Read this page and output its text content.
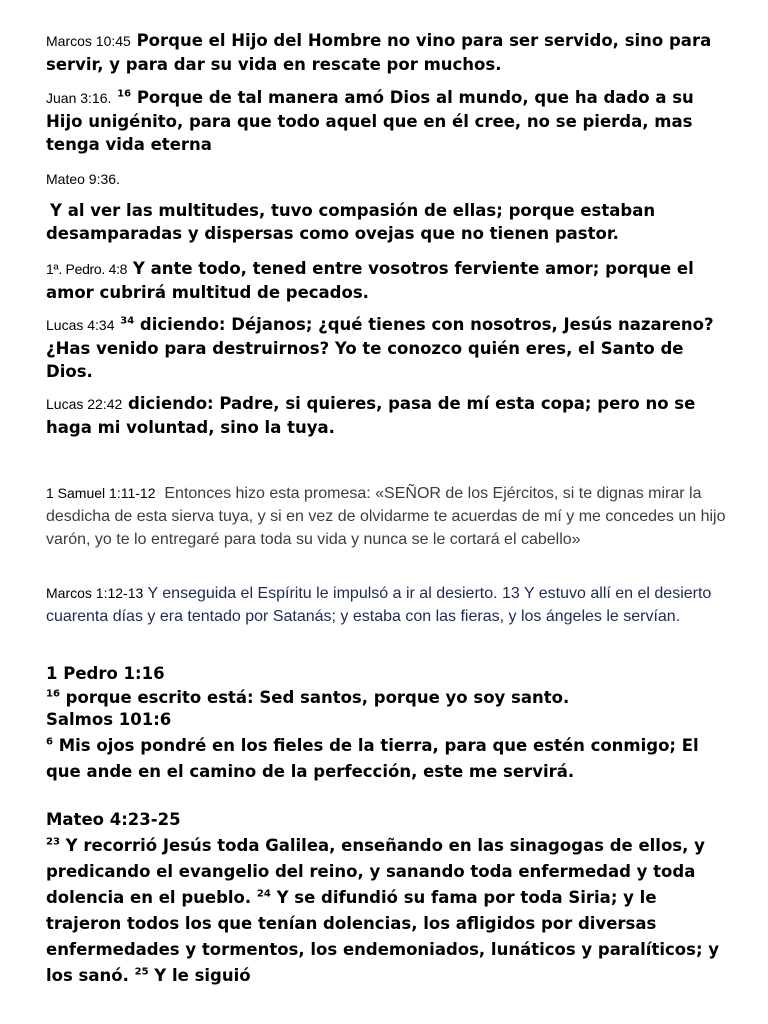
Marcos 10:45 Porque el Hijo del Hombre no vino para ser servido, sino para servir, y para dar su vida en rescate por muchos.

Juan 3:16. $^{16}$ Porque de tal manera amó Dios al mundo, que ha dado a su Hijo unigénito, para que todo aquel que en él cree, no se pierda, mas tenga vida eterna

Mateo 9:36.

Y al ver las multitudes, tuvo compasión de ellas; porque estaban desamparadas y dispersas como ovejas que no tienen pastor.

1ª. Pedro. 4:8 Y ante todo, tened entre vosotros ferviente amor; porque el amor cubrirá multitud de pecados.

Lucas 4:34 $^{34}$ diciendo: Déjanos; ¿qué tienes con nosotros, Jesús nazareno? ¿Has venido para destruirnos? Yo te conozco quién eres, el Santo de Dios.

Lucas 22:42 diciendo: Padre, si quieres, pasa de mí esta copa; pero no se haga mi voluntad, sino la tuya.

1 Samuel 1:11-12 Entonces hizo esta promesa: «SEÑOR de los Ejércitos, si te dignas mirar la desdicha de esta sierva tuya, y si en vez de olvidarme te acuerdas de mí y me concedes un hijo varón, yo te lo entregaré para toda su vida y nunca se le cortará el cabello»

Marcos 1:12-13 Y enseguida el Espíritu le impulsó a ir al desierto. 13 Y estuvo allí en el desierto cuarenta días y era tentado por Satanás; y estaba con las fieras, y los ángeles le servían.

1 Pedro 1:16

$^{16}$ porque escrito está: Sed santos, porque yo soy santo.

Salmos 101:6

$^6$ Mis ojos pondré en los fieles de la tierra, para que estén conmigo; El que ande en el camino de la perfección, este me servirá.

Mateo 4:23-25

$^{23}$ Y recorrió Jesús toda Galilea, enseñando en las sinagogas de ellos, y predicando el evangelio del reino, y sanando toda enfermedad y toda dolencia en el pueblo. $^{24}$ Y se difundió su fama por toda Siria; y le trajeron todos los que tenían dolencias, los afligidos por diversas enfermedades y tormentos, los endemoniados, lunáticos y paralíticos; y los sanó. $^{25}$ Y le siguió
